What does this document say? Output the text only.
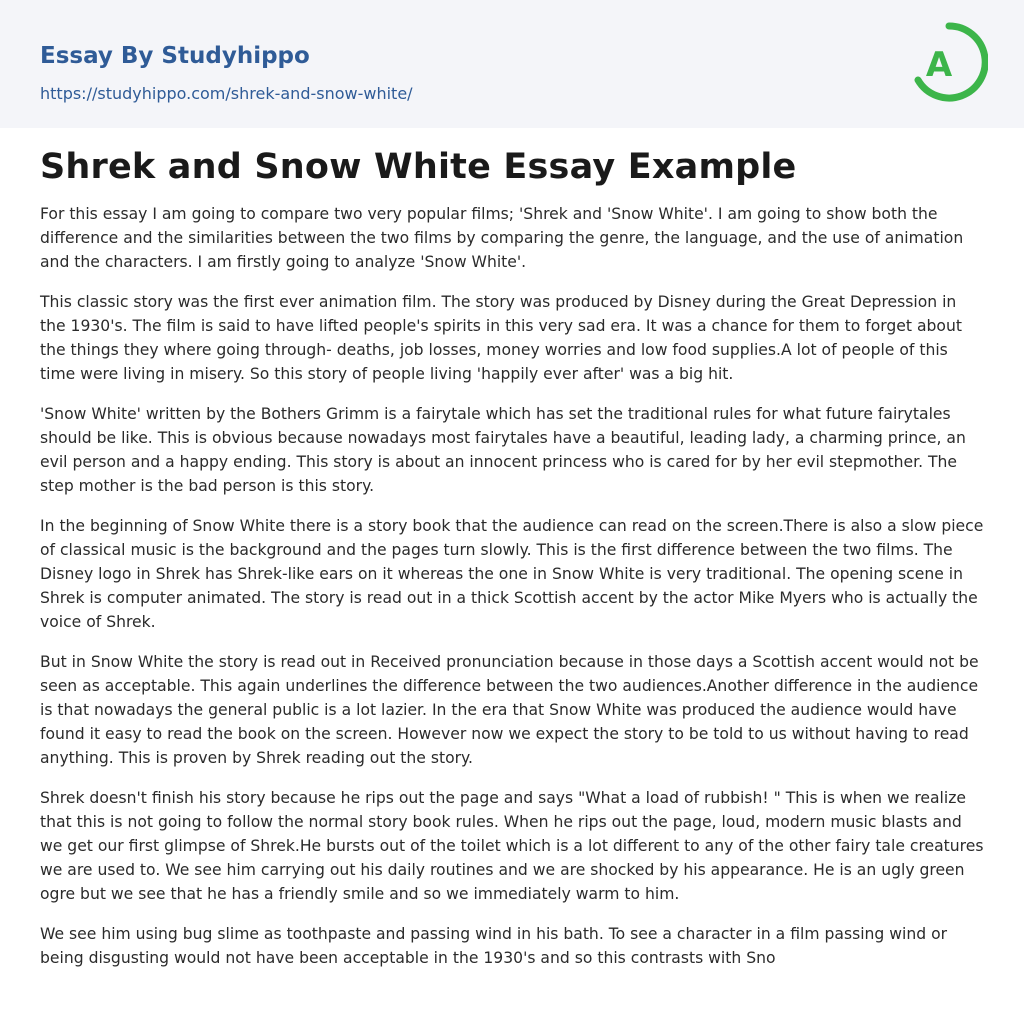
Essay By Studyhippo
https://studyhippo.com/shrek-and-snow-white/
A
Shrek and Snow White Essay Example

For this essay I am going to compare two very popular films; 'Shrek and 'Snow White'. I am going to show both the difference and the similarities between the two films by comparing the genre, the language, and the use of animation and the characters. I am firstly going to analyze 'Snow White'.

This classic story was the first ever animation film. The story was produced by Disney during the Great Depression in the 1930's. The film is said to have lifted people's spirits in this very sad era. It was a chance for them to forget about the things they where going through- deaths, job losses, money worries and low food supplies.A lot of people of this time were living in misery. So this story of people living 'happily ever after' was a big hit.

'Snow White' written by the Bothers Grimm is a fairytale which has set the traditional rules for what future fairytales should be like. This is obvious because nowadays most fairytales have a beautiful, leading lady, a charming prince, an evil person and a happy ending. This story is about an innocent princess who is cared for by her evil stepmother. The step mother is the bad person is this story.

In the beginning of Snow White there is a story book that the audience can read on the screen.There is also a slow piece of classical music is the background and the pages turn slowly. This is the first difference between the two films. The Disney logo in Shrek has Shrek-like ears on it whereas the one in Snow White is very traditional. The opening scene in Shrek is computer animated. The story is read out in a thick Scottish accent by the actor Mike Myers who is actually the voice of Shrek.

But in Snow White the story is read out in Received pronunciation because in those days a Scottish accent would not be seen as acceptable. This again underlines the difference between the two audiences.Another difference in the audience is that nowadays the general public is a lot lazier. In the era that Snow White was produced the audience would have found it easy to read the book on the screen. However now we expect the story to be told to us without having to read anything. This is proven by Shrek reading out the story.

Shrek doesn't finish his story because he rips out the page and says "What a load of rubbish! " This is when we realize that this is not going to follow the normal story book rules. When he rips out the page, loud, modern music blasts and we get our first glimpse of Shrek.He bursts out of the toilet which is a lot different to any of the other fairy tale creatures we are used to. We see him carrying out his daily routines and we are shocked by his appearance. He is an ugly green ogre but we see that he has a friendly smile and so we immediately warm to him.

We see him using bug slime as toothpaste and passing wind in his bath. To see a character in a film passing wind or being disgusting would not have been acceptable in the 1930's and so this contrasts with Sno
